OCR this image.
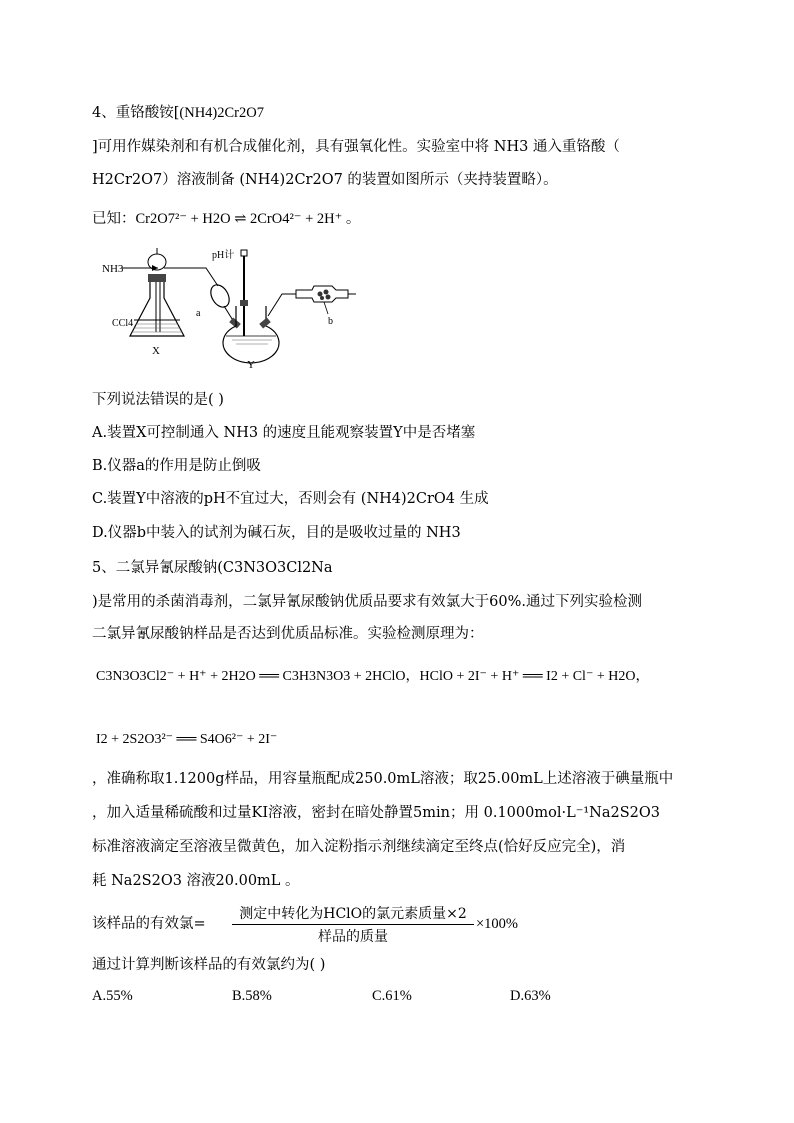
4、重铬酸铵[(NH4)2Cr2O7
]可用作媒染剂和有机合成催化剂，具有强氧化性。实验室中将 NH3 通入重铬酸（
H2Cr2O7）溶液制备 (NH4)2Cr2O7 的装置如图所示（夹持装置略）。
已知：Cr2O7²⁻ + H2O ⇌ 2CrO4²⁻ + 2H⁺ 。
NH3
CCl4
X
a
pH计
Y
b
下列说法错误的是( )
A.装置X可控制通入 NH3 的速度且能观察装置Y中是否堵塞
B.仪器a的作用是防止倒吸
C.装置Y中溶液的pH不宜过大，否则会有 (NH4)2CrO4 生成
D.仪器b中装入的试剂为碱石灰，目的是吸收过量的 NH3
5、二氯异氰尿酸钠(C3N3O3Cl2Na
)是常用的杀菌消毒剂，二氯异氰尿酸钠优质品要求有效氯大于60%.通过下列实验检测
二氯异氰尿酸钠样品是否达到优质品标准。实验检测原理为：
C3N3O3Cl2⁻ + H⁺ + 2H2O ══ C3H3N3O3 + 2HClO，HClO + 2I⁻ + H⁺ ══ I2 + Cl⁻ + H2O，
I2 + 2S2O3²⁻ ══ S4O6²⁻ + 2I⁻
，准确称取1.1200g样品，用容量瓶配成250.0mL溶液；取25.00mL上述溶液于碘量瓶中
，加入适量稀硫酸和过量KI溶液，密封在暗处静置5min；用 0.1000mol·L⁻¹Na2S2O3
标准溶液滴定至溶液呈微黄色，加入淀粉指示剂继续滴定至终点(恰好反应完全)，消
耗 Na2S2O3 溶液20.00mL 。
该样品的有效氯=
测定中转化为HClO的氯元素质量×2
样品的质量
×100%
通过计算判断该样品的有效氯约为( )
A.55%	B.58%	C.61%	D.63%
